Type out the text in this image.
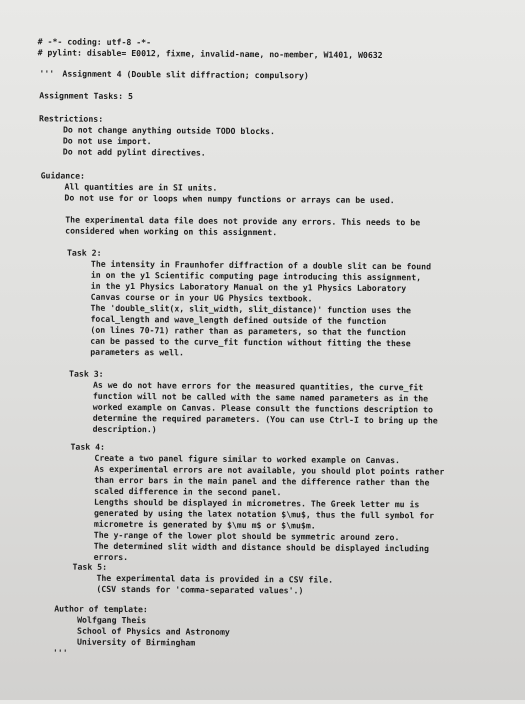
# -*- coding: utf-8 -*-
# pylint: disable= E0012, fixme, invalid-name, no-member, W1401, W0632
''' Assignment 4 (Double slit diffraction; compulsory)
Assignment Tasks: 5
Restrictions:
Do not change anything outside TODO blocks.
Do not use import.
Do not add pylint directives.
Guidance:
All quantities are in SI units.
Do not use for or loops when numpy functions or arrays can be used.
The experimental data file does not provide any errors. This needs to be
considered when working on this assignment.
Task 2:
The intensity in Fraunhofer diffraction of a double slit can be found
in on the y1 Scientific computing page introducing this assignment,
in the y1 Physics Laboratory Manual on the y1 Physics Laboratory
Canvas course or in your UG Physics textbook.
The 'double_slit(x, slit_width, slit_distance)' function uses the
focal_length and wave_length defined outside of the function
(on lines 70-71) rather than as parameters, so that the function
can be passed to the curve_fit function without fitting the these
parameters as well.
Task 3:
As we do not have errors for the measured quantities, the curve_fit
function will not be called with the same named parameters as in the
worked example on Canvas. Please consult the functions description to
determine the required parameters. (You can use Ctrl-I to bring up the
description.)
Task 4:
Create a two panel figure similar to worked example on Canvas.
As experimental errors are not available, you should plot points rather
than error bars in the main panel and the difference rather than the
scaled difference in the second panel.
Lengths should be displayed in micrometres. The Greek letter mu is
generated by using the latex notation $\mu$, thus the full symbol for
micrometre is generated by $\mu m$ or $\mu$m.
The y-range of the lower plot should be symmetric around zero.
The determined slit width and distance should be displayed including
errors.
Task 5:
The experimental data is provided in a CSV file.
(CSV stands for 'comma-separated values'.)
Author of template:
Wolfgang Theis
School of Physics and Astronomy
University of Birmingham
'''
